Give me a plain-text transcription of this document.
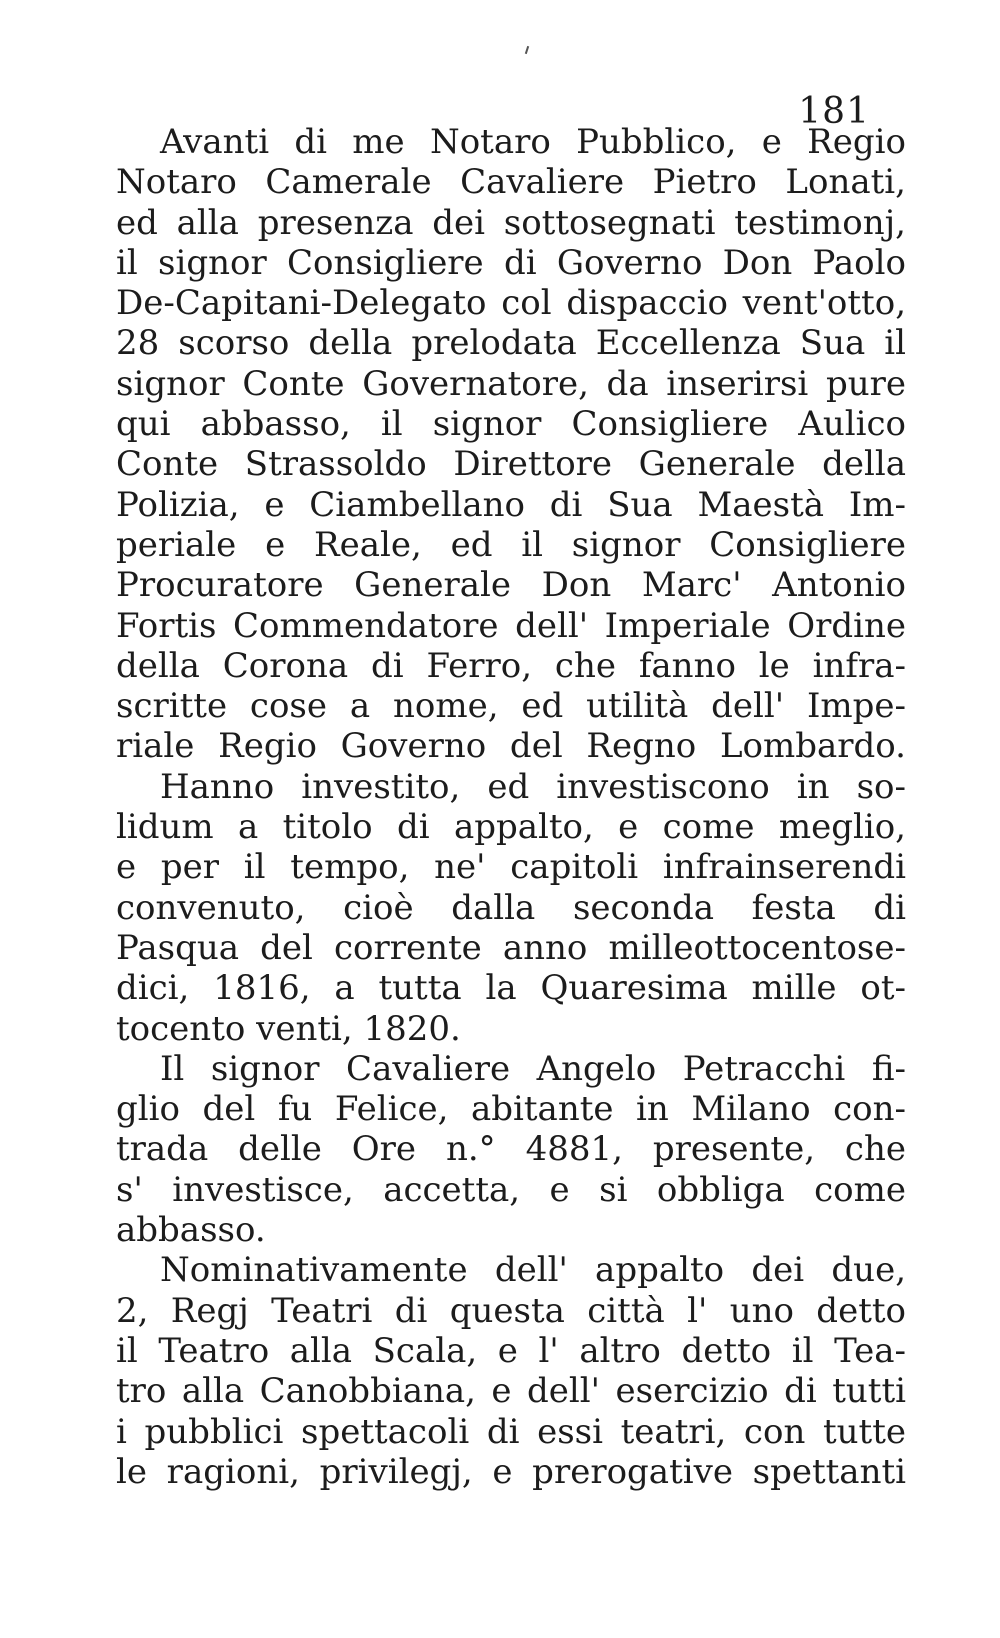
181
Avanti di me Notaro Pubblico, e Regio
Notaro Camerale Cavaliere Pietro Lonati,
ed alla presenza dei sottosegnati testimonj,
il signor Consigliere di Governo Don Paolo
De-Capitani-Delegato col dispaccio vent'otto,
28 scorso della prelodata Eccellenza Sua il
signor Conte Governatore, da inserirsi pure
qui abbasso, il signor Consigliere Aulico
Conte Strassoldo Direttore Generale della
Polizia, e Ciambellano di Sua Maestà Im-
periale e Reale, ed il signor Consigliere
Procuratore Generale Don Marc' Antonio
Fortis Commendatore dell' Imperiale Ordine
della Corona di Ferro, che fanno le infra-
scritte cose a nome, ed utilità dell' Impe-
riale Regio Governo del Regno Lombardo.
Hanno investito, ed investiscono in so-
lidum a titolo di appalto, e come meglio,
e per il tempo, ne' capitoli infrainserendi
convenuto, cioè dalla seconda festa di
Pasqua del corrente anno milleottocentose-
dici, 1816, a tutta la Quaresima mille ot-
tocento venti, 1820.
Il signor Cavaliere Angelo Petracchi fi-
glio del fu Felice, abitante in Milano con-
trada delle Ore n.° 4881, presente, che
s' investisce, accetta, e si obbliga come
abbasso.
Nominativamente dell' appalto dei due,
2, Regj Teatri di questa città l' uno detto
il Teatro alla Scala, e l' altro detto il Tea-
tro alla Canobbiana, e dell' esercizio di tutti
i pubblici spettacoli di essi teatri, con tutte
le ragioni, privilegj, e prerogative spettanti
